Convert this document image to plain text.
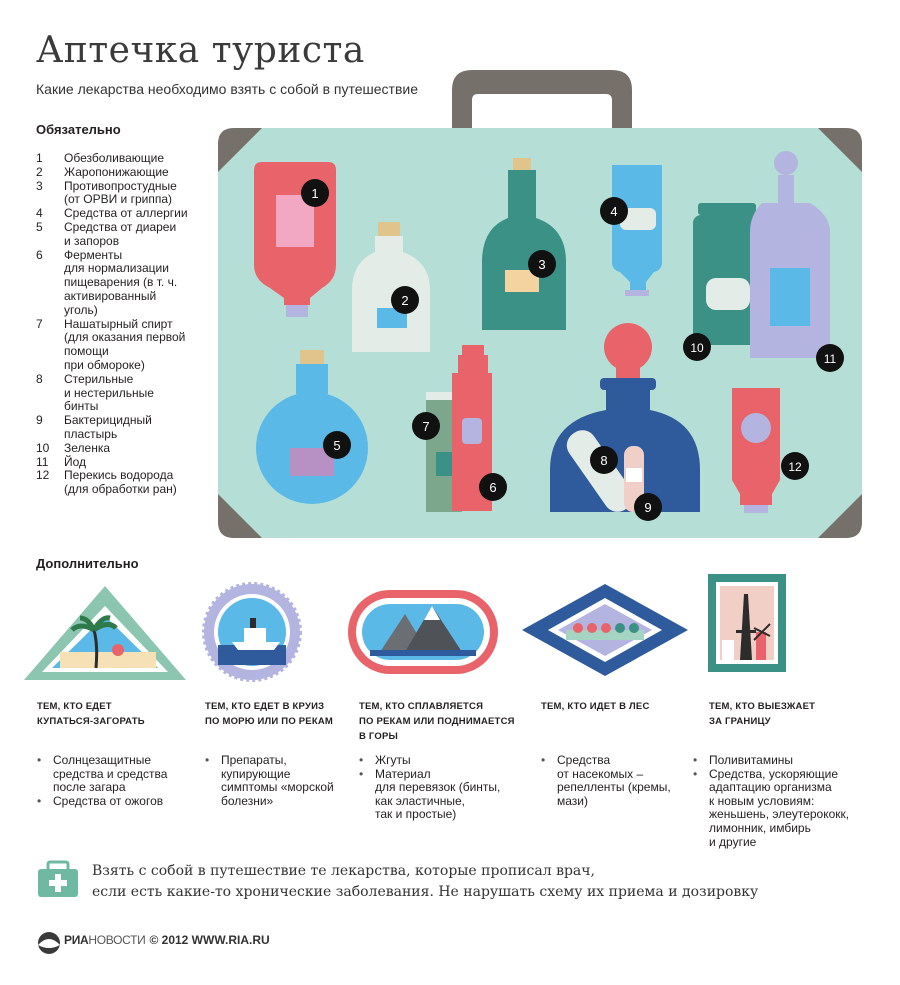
Аптечка туриста
Какие лекарства необходимо взять с собой в путешествие
Обязательно
1	Обезболивающие
2	Жаропонижающие
3	Противопростудные
(от ОРВИ и гриппа)
4	Средства от аллергии
5	Средства от диареи
и запоров
6	Ферменты
для нормализации
пищеварения (в т. ч.
активированный
уголь)
7	Нашатырный спирт
(для оказания первой
помощи
при обмороке)
8	Стерильные
и нестерильные
бинты
9	Бактерицидный
пластырь
10	Зеленка
11	Йод
12	Перекись водорода
(для обработки ран)
1
2
3
4
5
6
7
8
9
10
11
12
Дополнительно
ТЕМ, КТО ЕДЕТ
КУПАТЬСЯ-ЗАГОРАТЬ
ТЕМ, КТО ЕДЕТ В КРУИЗ
ПО МОРЮ ИЛИ ПО РЕКАМ
ТЕМ, КТО СПЛАВЛЯЕТСЯ
ПО РЕКАМ ИЛИ ПОДНИМАЕТСЯ
В ГОРЫ
ТЕМ, КТО ИДЕТ В ЛЕС	ТЕМ, КТО ВЫЕЗЖАЕТ
ЗА ГРАНИЦУ
• Солнцезащитные
средства и средства
после загара
• Средства от ожогов
• Препараты,
купирующие
симптомы «морской
болезни»
• Жгуты
• Материал
для перевязок (бинты,
как эластичные,
так и простые)
• Средства
от насекомых –
репелленты (кремы,
мази)
• Поливитамины
• Средства, ускоряющие
адаптацию организма
к новым условиям:
женьшень, элеутерококк,
лимонник, имбирь
и другие
Взять с собой в путешествие те лекарства, которые прописал врач,
если есть какие-то хронические заболевания. Не нарушать схему их приема и дозировку
РИА НОВОСТИ © 2012 WWW.RIA.RU
